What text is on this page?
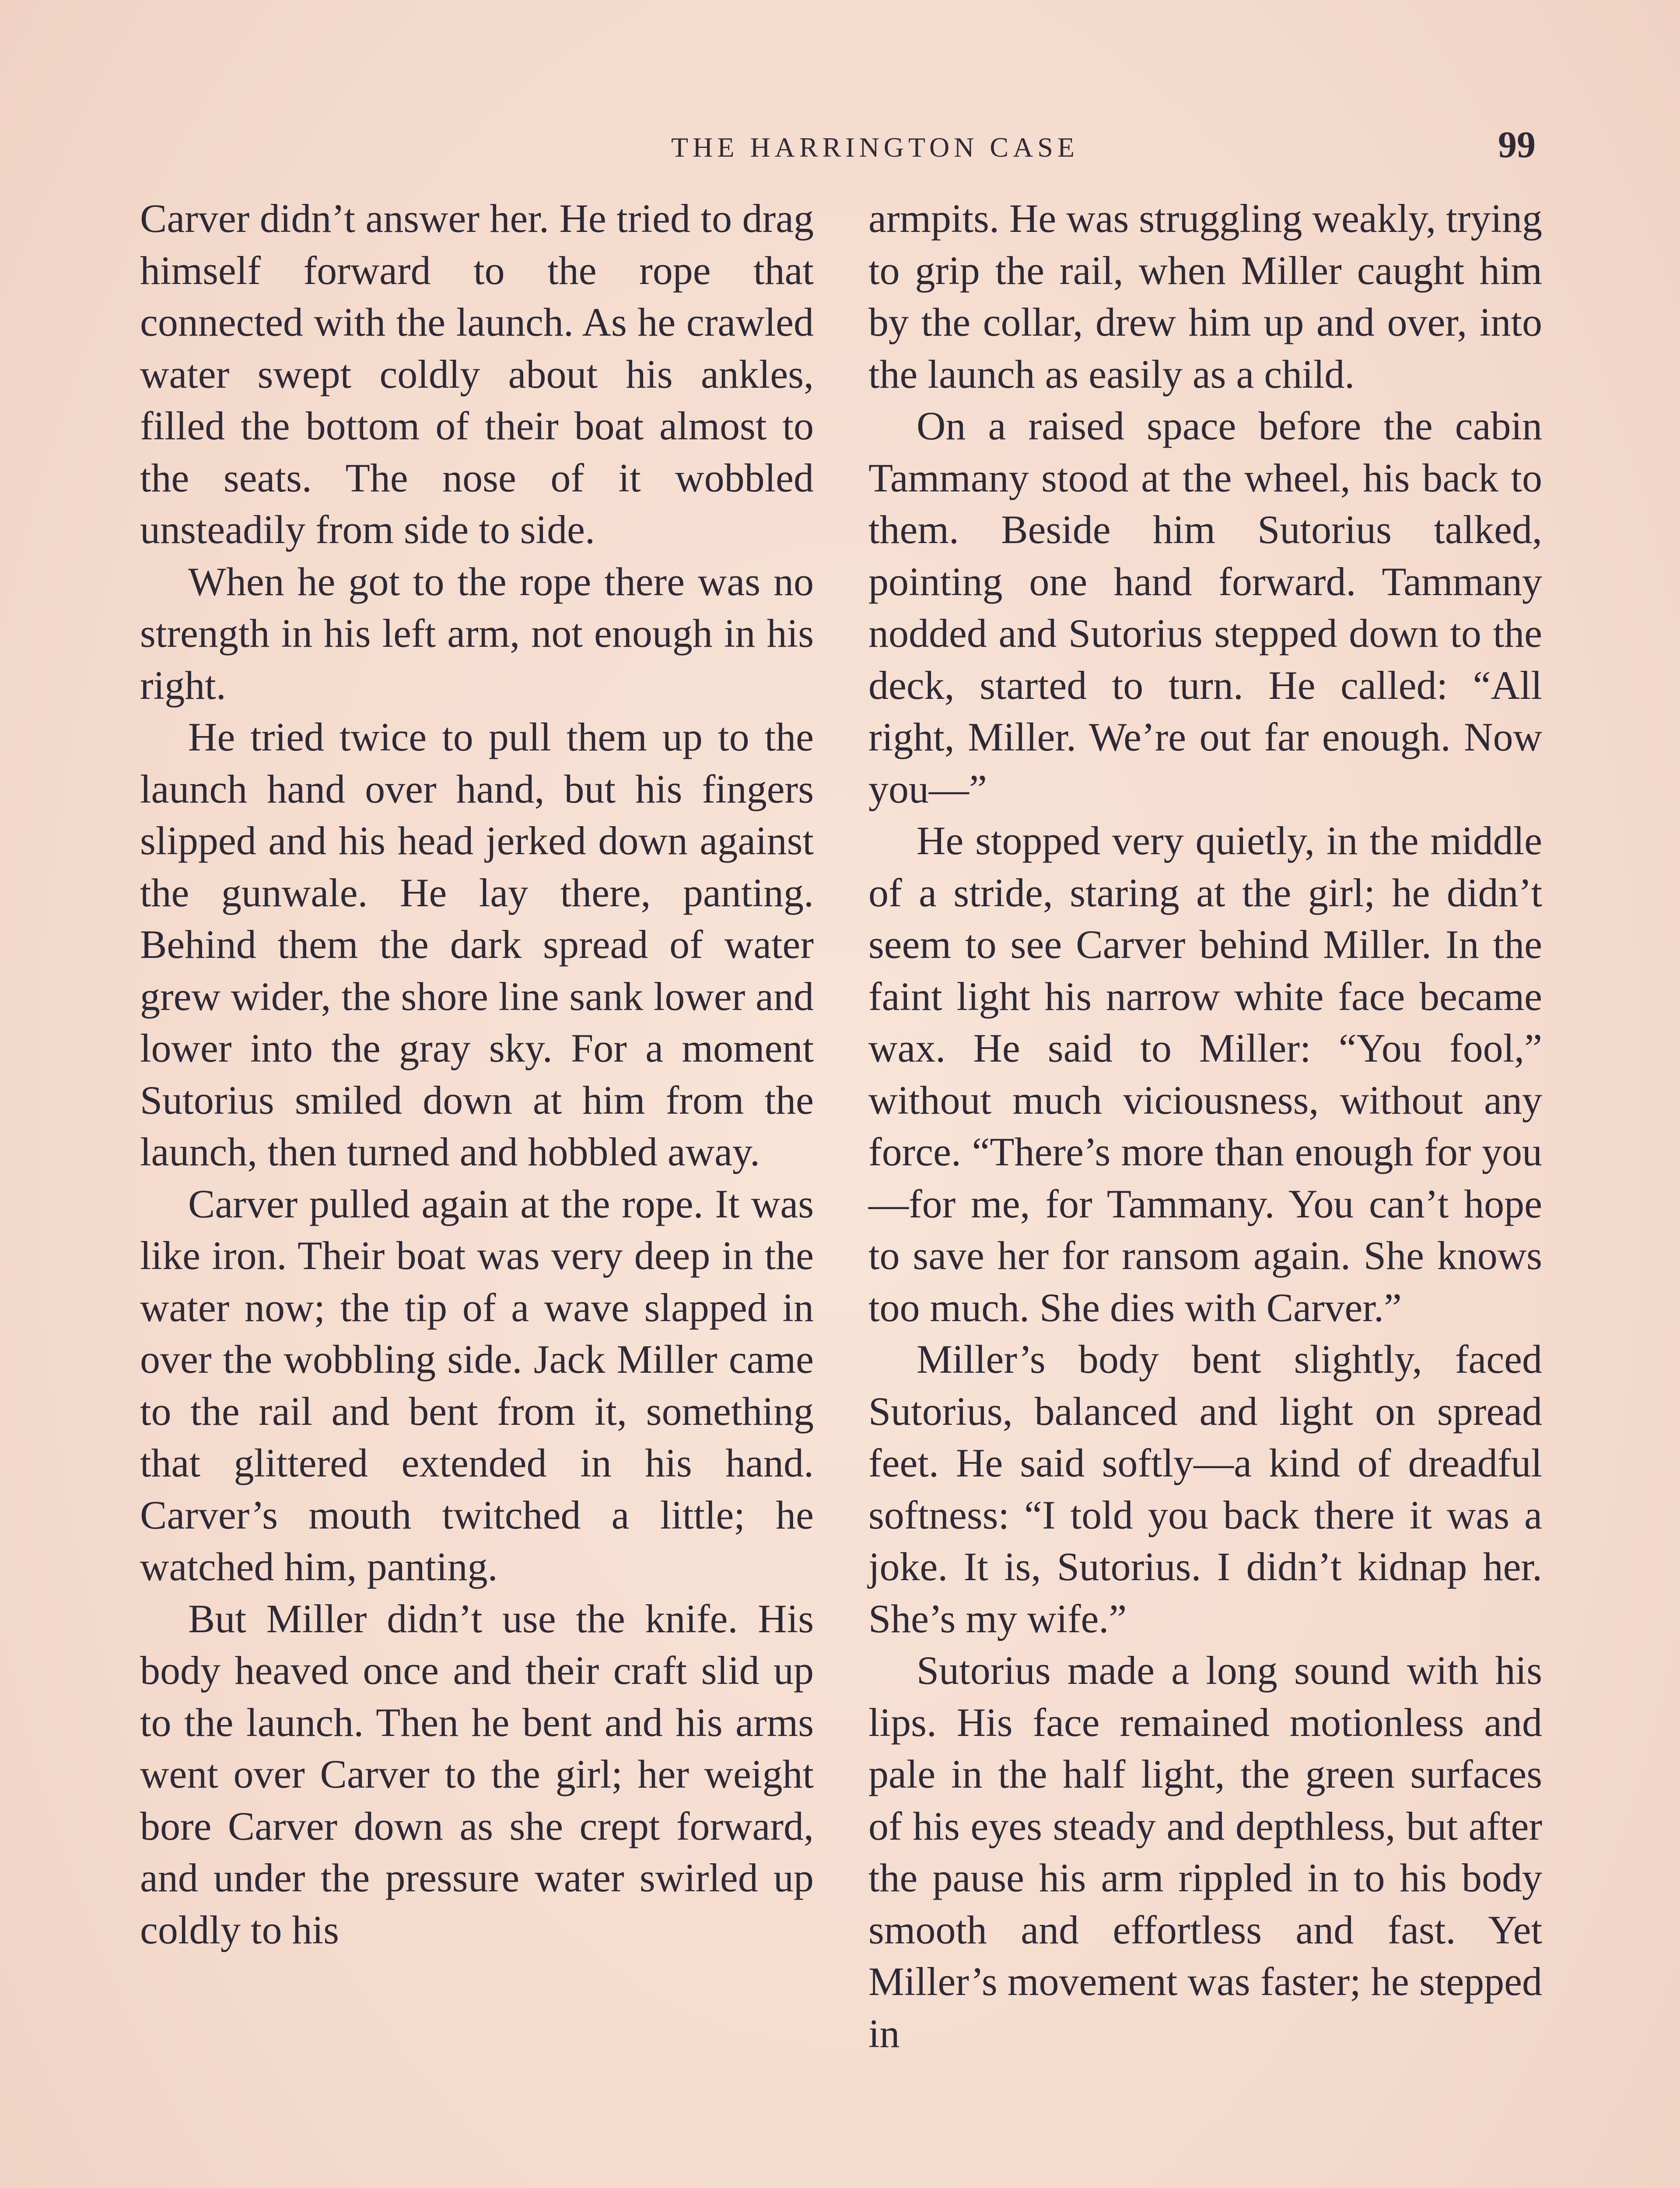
THE HARRINGTON CASE	99

Carver didn’t answer her. He tried to drag himself forward to the rope that connected with the launch. As he crawled water swept coldly about his ankles, filled the bottom of their boat almost to the seats. The nose of it wobbled unsteadily from side to side.

When he got to the rope there was no strength in his left arm, not enough in his right.

He tried twice to pull them up to the launch hand over hand, but his fingers slipped and his head jerked down against the gunwale. He lay there, panting. Behind them the dark spread of water grew wider, the shore line sank lower and lower into the gray sky. For a moment Sutorius smiled down at him from the launch, then turned and hobbled away.

Carver pulled again at the rope. It was like iron. Their boat was very deep in the water now; the tip of a wave slapped in over the wobbling side. Jack Miller came to the rail and bent from it, something that glittered extended in his hand. Carver’s mouth twitched a little; he watched him, panting.

But Miller didn’t use the knife. His body heaved once and their craft slid up to the launch. Then he bent and his arms went over Carver to the girl; her weight bore Carver down as she crept forward, and under the pressure water swirled up coldly to his

armpits. He was struggling weakly, trying to grip the rail, when Miller caught him by the collar, drew him up and over, into the launch as easily as a child.

On a raised space before the cabin Tammany stood at the wheel, his back to them. Beside him Sutorius talked, pointing one hand forward. Tammany nodded and Sutorius stepped down to the deck, started to turn. He called: “All right, Miller. We’re out far enough. Now you—”

He stopped very quietly, in the middle of a stride, staring at the girl; he didn’t seem to see Carver behind Miller. In the faint light his narrow white face became wax. He said to Miller: “You fool,” without much viciousness, without any force. “There’s more than enough for you—for me, for Tammany. You can’t hope to save her for ransom again. She knows too much. She dies with Carver.”

Miller’s body bent slightly, faced Sutorius, balanced and light on spread feet. He said softly—a kind of dreadful softness: “I told you back there it was a joke. It is, Sutorius. I didn’t kidnap her. She’s my wife.”

Sutorius made a long sound with his lips. His face remained motionless and pale in the half light, the green surfaces of his eyes steady and depthless, but after the pause his arm rippled in to his body smooth and effortless and fast. Yet Miller’s movement was faster; he stepped in
